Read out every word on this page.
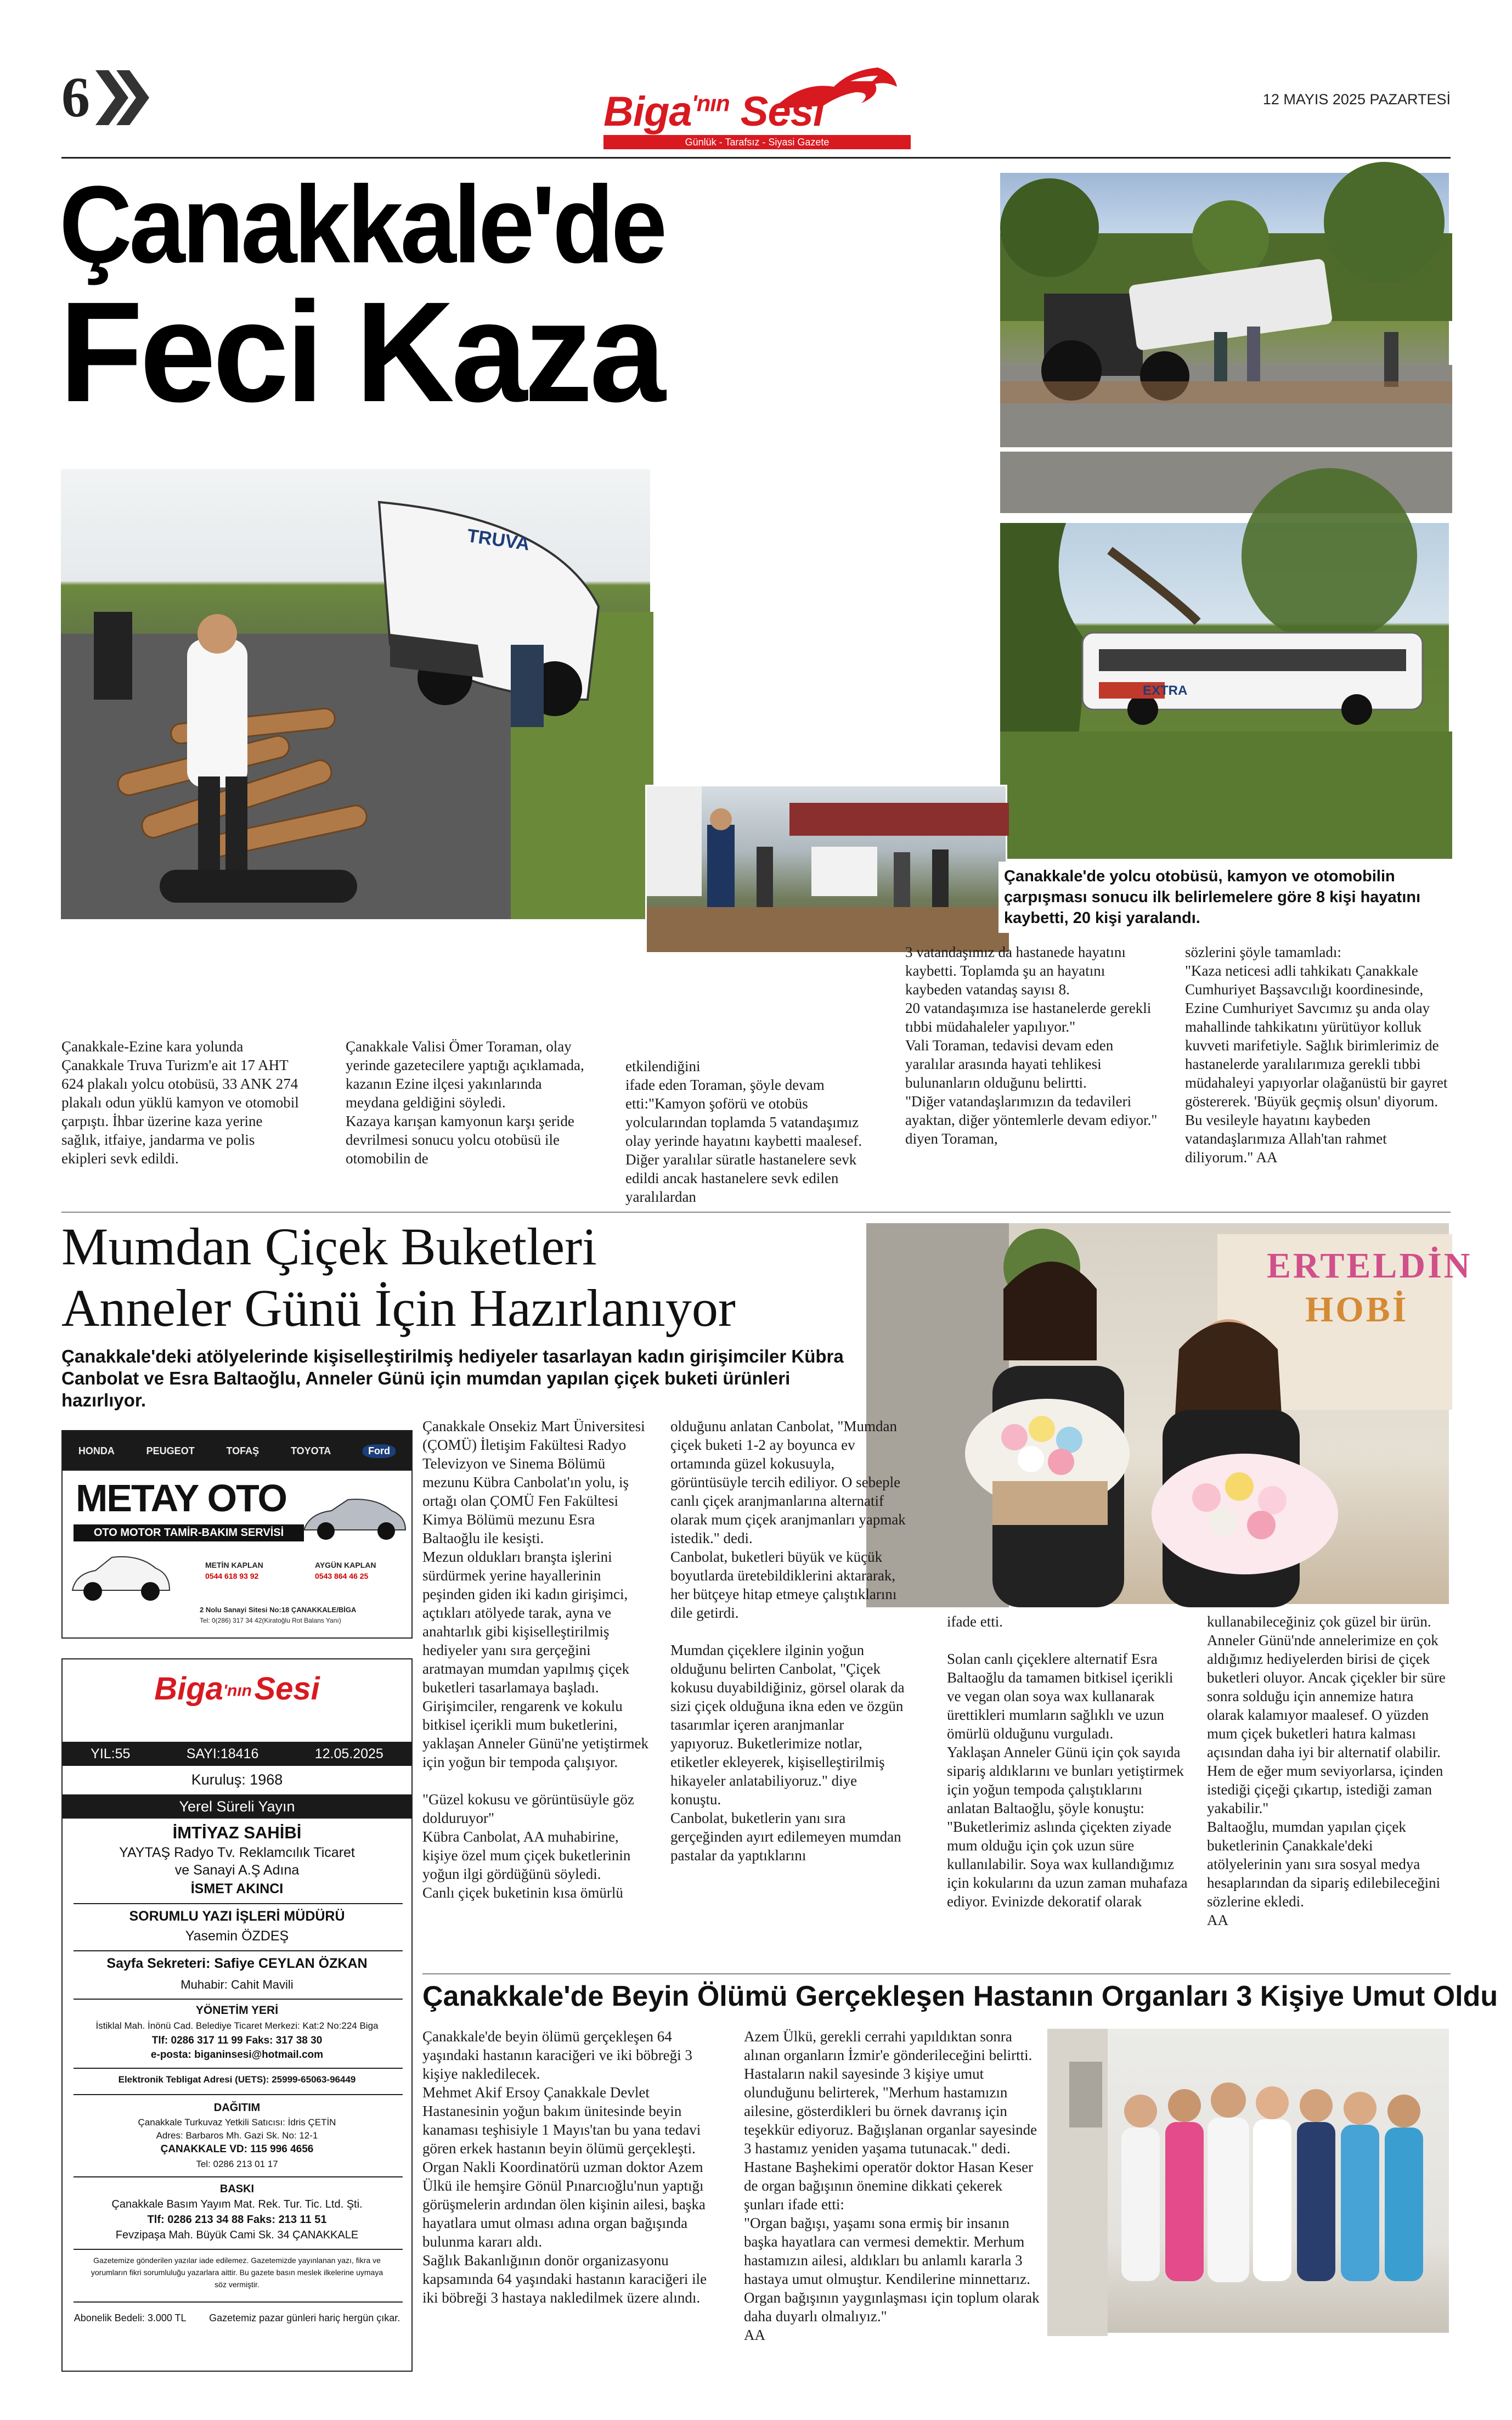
6	Biga$^{'nın}$ Sesi
Günlük - Tarafsız - Siyasi Gazete
12 MAYIS 2025 PAZARTESİ
Çanakkale'de
Feci Kaza
TRUVA
EXTRA
Çanakkale'de yolcu otobüsü, kamyon ve otomobilin çarpışması sonucu ilk belirlemelere göre 8 kişi hayatını kaybetti, 20 kişi yaralandı.
Çanakkale-Ezine kara yolunda Çanakkale Truva Turizm'e ait 17 AHT 624 plakalı yolcu otobüsü, 33 ANK 274 plakalı odun yüklü kamyon ve otomobil çarpıştı. İhbar üzerine kaza yerine sağlık, itfaiye, jandarma ve polis ekipleri sevk edildi.
Çanakkale Valisi Ömer Toraman, olay yerinde gazetecilere yaptığı açıklamada, kazanın Ezine ilçesi yakınlarında meydana geldiğini söyledi.
Kazaya karışan kamyonun karşı şeride devrilmesi sonucu yolcu otobüsü ile otomobilin de
etkilendiğini
ifade eden Toraman, şöyle devam etti:"Kamyon şoförü ve otobüs yolcularından toplamda 5 vatandaşımız olay yerinde hayatını kaybetti maalesef. Diğer yaralılar süratle hastanelere sevk edildi ancak hastanelere sevk edilen yaralılardan
3 vatandaşımız da hastanede hayatını kaybetti. Toplamda şu an hayatını kaybeden vatandaş sayısı 8.
20 vatandaşımıza ise hastanelerde gerekli tıbbi müdahaleler yapılıyor."
Vali Toraman, tedavisi devam eden yaralılar arasında hayati tehlikesi bulunanların olduğunu belirtti.
"Diğer vatandaşlarımızın da tedavileri ayaktan, diğer yöntemlerle devam ediyor." diyen Toraman,
sözlerini şöyle tamamladı:
"Kaza neticesi adli tahkikatı Çanakkale Cumhuriyet Başsavcılığı koordinesinde, Ezine Cumhuriyet Savcımız şu anda olay mahallinde tahkikatını yürütüyor kolluk kuvveti marifetiyle. Sağlık birimlerimiz de hastanelerde yaralılarımıza gerekli tıbbi müdahaleyi yapıyorlar olağanüstü bir gayret göstererek. 'Büyük geçmiş olsun' diyorum.
Bu vesileyle hayatını kaybeden vatandaşlarımıza Allah'tan rahmet diliyorum." AA
Mumdan Çiçek Buketleri
Anneler Günü İçin Hazırlanıyor
Çanakkale'deki atölyelerinde kişiselleştirilmiş hediyeler tasarlayan kadın girişimciler Kübra Canbolat ve Esra Baltaoğlu, Anneler Günü için mumdan yapılan çiçek buketi ürünleri hazırlıyor.
ERTELDİN
HOBİ
HONDA	PEUGEOT	TOFAŞ	TOYOTA	Ford
METAY OTO
OTO MOTOR TAMİR-BAKIM SERVİSİ
METİN KAPLAN
0544 618 93 92
AYGÜN KAPLAN
0543 864 46 25
2 Nolu Sanayi Sitesi No:18 ÇANAKKALE/BİGA
Tel: 0(286) 317 34 42(Kiratoğlu Rot Balans Yanı)
Biga'nın Sesi
YIL:55	SAYI:18416	12.05.2025
Kuruluş: 1968
Yerel Süreli Yayın
İMTİYAZ SAHİBİ
YAYTAŞ Radyo Tv. Reklamcılık Ticaret ve Sanayi A.Ş Adına
İSMET AKINCI
SORUMLU YAZI İŞLERİ MÜDÜRÜ
Yasemin ÖZDEŞ
Sayfa Sekreteri: Safiye CEYLAN ÖZKAN
Muhabir: Cahit Mavili
YÖNETİM YERİ
İstiklal Mah. İnönü Cad. Belediye Ticaret Merkezi: Kat:2 No:224 Biga
Tlf: 0286 317 11 99 Faks: 317 38 30
e-posta: biganinsesi@hotmail.com
Elektronik Tebligat Adresi (UETS): 25999-65063-96449
DAĞITIM
Çanakkale Turkuvaz Yetkili Satıcısı: İdris ÇETİN
Adres: Barbaros Mh. Gazi Sk. No: 12-1
ÇANAKKALE VD: 115 996 4656
Tel: 0286 213 01 17
BASKI
Çanakkale Basım Yayım Mat. Rek. Tur. Tic. Ltd. Şti.
Tlf: 0286 213 34 88 Faks: 213 11 51
Fevzipaşa Mah. Büyük Cami Sk. 34 ÇANAKKALE
Gazetemize gönderilen yazılar iade edilemez. Gazetemizde yayınlanan yazı, fikra ve yorumların fikri sorumluluğu yazarlara aittir. Bu gazete basın meslek ilkelerine uymaya söz vermiştir.
Abonelik Bedeli: 3.000 TL Gazetemiz pazar günleri hariç hergün çıkar.
Çanakkale Onsekiz Mart Üniversitesi (ÇOMÜ) İletişim Fakültesi Radyo Televizyon ve Sinema Bölümü mezunu Kübra Canbolat'ın yolu, iş ortağı olan ÇOMÜ Fen Fakültesi Kimya Bölümü mezunu Esra Baltaoğlu ile kesişti.
Mezun oldukları branşta işlerini sürdürmek yerine hayallerinin peşinden giden iki kadın girişimci, açtıkları atölyede tarak, ayna ve anahtarlık gibi kişiselleştirilmiş hediyeler yanı sıra gerçeğini aratmayan mumdan yapılmış çiçek buketleri tasarlamaya başladı.
Girişimciler, rengarenk ve kokulu bitkisel içerikli mum buketlerini, yaklaşan Anneler Günü'ne yetiştirmek için yoğun bir tempoda çalışıyor.

"Güzel kokusu ve görüntüsüyle göz dolduruyor"
Kübra Canbolat, AA muhabirine, kişiye özel mum çiçek buketlerinin yoğun ilgi gördüğünü söyledi.
Canlı çiçek buketinin kısa ömürlü
olduğunu anlatan Canbolat, "Mumdan çiçek buketi 1-2 ay boyunca ev ortamında güzel kokusuyla, görüntüsüyle tercih ediliyor. O sebeple canlı çiçek aranjmanlarına alternatif olarak mum çiçek aranjmanları yapmak istedik." dedi.
Canbolat, buketleri büyük ve küçük boyutlarda üretebildiklerini aktararak, her bütçeye hitap etmeye çalıştıklarını dile getirdi.

Mumdan çiçeklere ilginin yoğun olduğunu belirten Canbolat, "Çiçek kokusu duyabildiğiniz, görsel olarak da sizi çiçek olduğuna ikna eden ve özgün tasarımlar içeren aranjmanlar yapıyoruz. Buketlerimize notlar, etiketler ekleyerek, kişiselleştirilmiş hikayeler anlatabiliyoruz." diye konuştu.
Canbolat, buketlerin yanı sıra gerçeğinden ayırt edilemeyen mumdan pastalar da yaptıklarını
ifade etti.

Solan canlı çiçeklere alternatif Esra Baltaoğlu da tamamen bitkisel içerikli ve vegan olan soya wax kullanarak ürettikleri mumların sağlıklı ve uzun ömürlü olduğunu vurguladı.
Yaklaşan Anneler Günü için çok sayıda sipariş aldıklarını ve bunları yetiştirmek için yoğun tempoda çalıştıklarını anlatan Baltaoğlu, şöyle konuştu:
"Buketlerimiz aslında çiçekten ziyade mum olduğu için çok uzun süre kullanılabilir. Soya wax kullandığımız için kokularını da uzun zaman muhafaza ediyor. Evinizde dekoratif olarak
kullanabileceğiniz çok güzel bir ürün. Anneler Günü'nde annelerimize en çok aldığımız hediyelerden birisi de çiçek buketleri oluyor. Ancak çiçekler bir süre sonra solduğu için annemize hatıra olarak kalamıyor maalesef. O yüzden mum çiçek buketleri hatıra kalması açısından daha iyi bir alternatif olabilir. Hem de eğer mum seviyorlarsa, içinden istediği çiçeği çıkartıp, istediği zaman yakabilir."
Baltaoğlu, mumdan yapılan çiçek buketlerinin Çanakkale'deki atölyelerinin yanı sıra sosyal medya hesaplarından da sipariş edilebileceğini sözlerine ekledi.
AA
Çanakkale'de Beyin Ölümü Gerçekleşen Hastanın Organları 3 Kişiye Umut Oldu
Çanakkale'de beyin ölümü gerçekleşen 64 yaşındaki hastanın karaciğeri ve iki böbreği 3 kişiye nakledilecek.
Mehmet Akif Ersoy Çanakkale Devlet Hastanesinin yoğun bakım ünitesinde beyin kanaması teşhisiyle 1 Mayıs'tan bu yana tedavi gören erkek hastanın beyin ölümü gerçekleşti.
Organ Nakli Koordinatörü uzman doktor Azem Ülkü ile hemşire Gönül Pınarcıoğlu'nun yaptığı görüşmelerin ardından ölen kişinin ailesi, başka hayatlara umut olması adına organ bağışında bulunma kararı aldı.
Sağlık Bakanlığının donör organizasyonu kapsamında 64 yaşındaki hastanın karaciğeri ile iki böbreği 3 hastaya nakledilmek üzere alındı.
Azem Ülkü, gerekli cerrahi yapıldıktan sonra alınan organların İzmir'e gönderileceğini belirtti. Hastaların nakil sayesinde 3 kişiye umut olunduğunu belirterek, "Merhum hastamızın ailesine, gösterdikleri bu örnek davranış için teşekkür ediyoruz. Bağışlanan organlar sayesinde 3 hastamız yeniden yaşama tutunacak." dedi.
Hastane Başhekimi operatör doktor Hasan Keser de organ bağışının önemine dikkati çekerek şunları ifade etti:
"Organ bağışı, yaşamı sona ermiş bir insanın başka hayatlara can vermesi demektir. Merhum hastamızın ailesi, aldıkları bu anlamlı kararla 3 hastaya umut olmuştur. Kendilerine minnettarız. Organ bağışının yaygınlaşması için toplum olarak daha duyarlı olmalıyız."
AA
